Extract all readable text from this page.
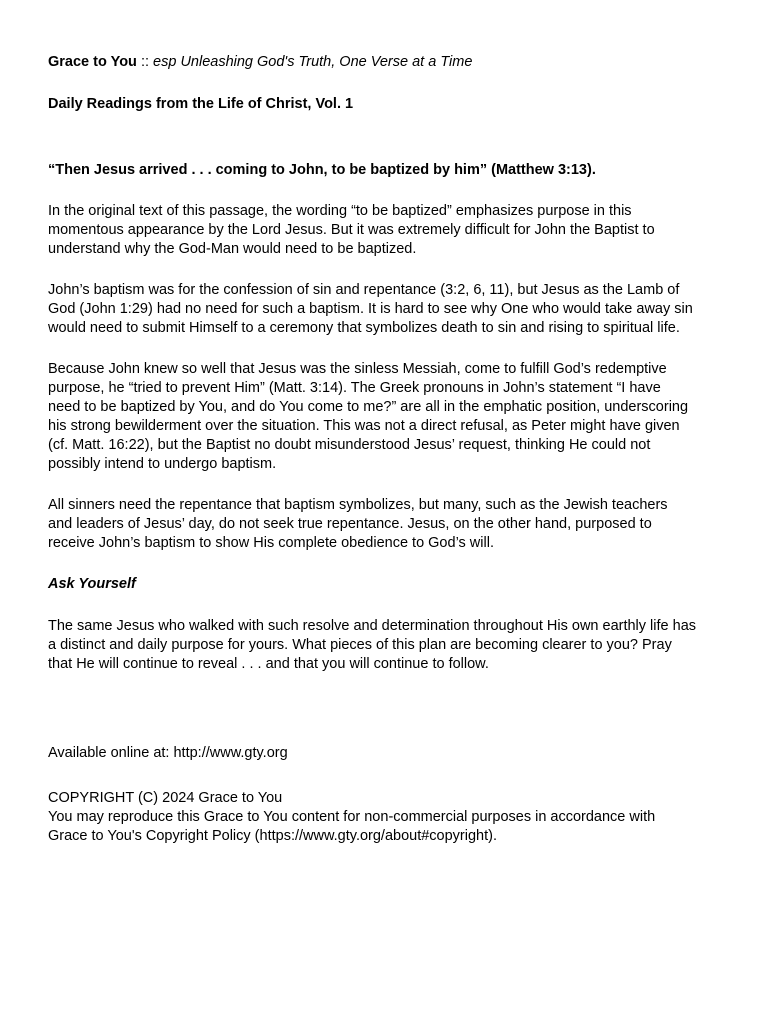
Grace to You :: esp Unleashing God's Truth, One Verse at a Time

Daily Readings from the Life of Christ, Vol. 1

“Then Jesus arrived . . . coming to John, to be baptized by him” (Matthew 3:13).

In the original text of this passage, the wording “to be baptized” emphasizes purpose in this
momentous appearance by the Lord Jesus. But it was extremely difficult for John the Baptist to
understand why the God-Man would need to be baptized.
John’s baptism was for the confession of sin and repentance (3:2, 6, 11), but Jesus as the Lamb of
God (John 1:29) had no need for such a baptism. It is hard to see why One who would take away sin
would need to submit Himself to a ceremony that symbolizes death to sin and rising to spiritual life.
Because John knew so well that Jesus was the sinless Messiah, come to fulfill God’s redemptive
purpose, he “tried to prevent Him” (Matt. 3:14). The Greek pronouns in John’s statement “I have
need to be baptized by You, and do You come to me?” are all in the emphatic position, underscoring
his strong bewilderment over the situation. This was not a direct refusal, as Peter might have given
(cf. Matt. 16:22), but the Baptist no doubt misunderstood Jesus’ request, thinking He could not
possibly intend to undergo baptism.
All sinners need the repentance that baptism symbolizes, but many, such as the Jewish teachers
and leaders of Jesus’ day, do not seek true repentance. Jesus, on the other hand, purposed to
receive John’s baptism to show His complete obedience to God’s will.

Ask Yourself

The same Jesus who walked with such resolve and determination throughout His own earthly life has
a distinct and daily purpose for yours. What pieces of this plan are becoming clearer to you? Pray
that He will continue to reveal . . . and that you will continue to follow.

Available online at: http://www.gty.org

COPYRIGHT (C) 2024 Grace to You
You may reproduce this Grace to You content for non-commercial purposes in accordance with
Grace to You's Copyright Policy (https://www.gty.org/about#copyright).
